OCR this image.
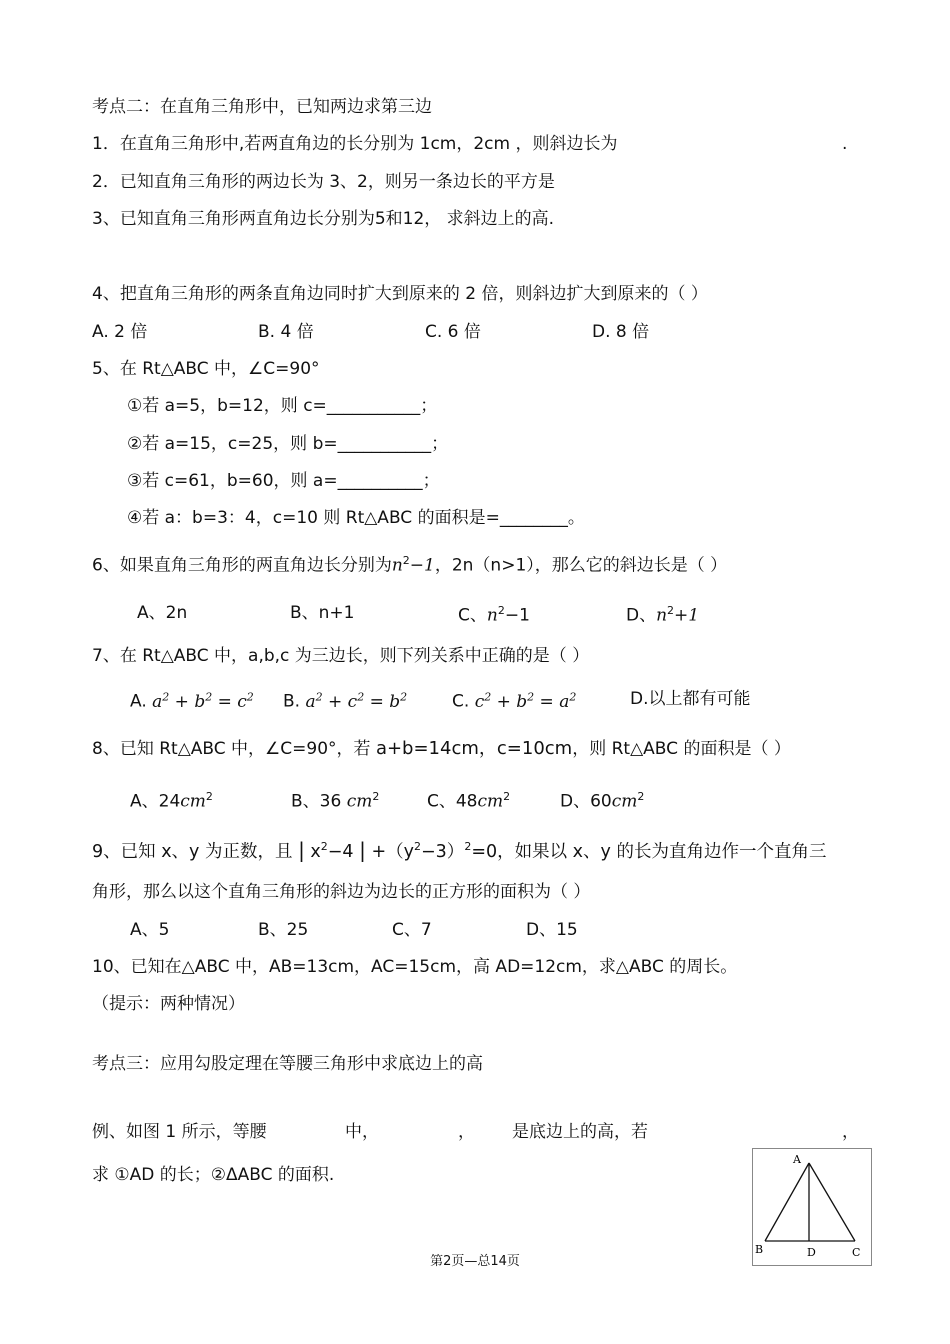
考点二：在直角三角形中，已知两边求第三边
1．在直角三角形中,若两直角边的长分别为 1cm，2cm ，则斜边长为	.
2．已知直角三角形的两边长为 3、2，则另一条边长的平方是
3、已知直角三角形两直角边长分别为5和12， 求斜边上的高.
4、把直角三角形的两条直角边同时扩大到原来的 2 倍，则斜边扩大到原来的（ ）
A. 2 倍	B. 4 倍	C. 6 倍	D. 8 倍
5、在 Rt△ABC 中，∠C=90°
①若 a=5，b=12，则 c=___________；
②若 a=15，c=25，则 b=___________；
③若 c=61，b=60，则 a=__________；
④若 a：b=3：4，c=10 则 Rt△ABC 的面积是=________。
6、如果直角三角形的两直角边长分别为$n^2-1$，2n（n>1），那么它的斜边长是（ ）
A、2n	B、n+1	C、$n^2-1$	D、$n^2+1$
7、在 Rt△ABC 中，a,b,c 为三边长，则下列关系中正确的是（ ）
A. $a^2 + b^2 = c^2$ B. $a^2 + c^2 = b^2$	C. $c^2 + b^2 = a^2$	D.以上都有可能
8、已知 Rt△ABC 中，∠C=90°，若 a+b=14cm，c=10cm，则 Rt△ABC 的面积是（ ）
A、$24cm^2$	B、36 $cm^2$	C、$48cm^2$	D、$60cm^2$
9、已知 x、y 为正数，且 | $x^2-4$ | $+(y^2-3)^2=0$，如果以 x、y 的长为直角边作一个直角三
角形，那么以这个直角三角形的斜边为边长的正方形的面积为（ ）
A、5	B、25	C、7	D、15
10、已知在△ABC 中，AB=13cm，AC=15cm，高 AD=12cm，求△ABC 的周长。
（提示：两种情况）
考点三：应用勾股定理在等腰三角形中求底边上的高
例、如图 1 所示，等腰	中，	， 是底边上的高，若	，
求 ①AD 的长；②ΔABC 的面积.
A
B	D	C
第2页—总14页
